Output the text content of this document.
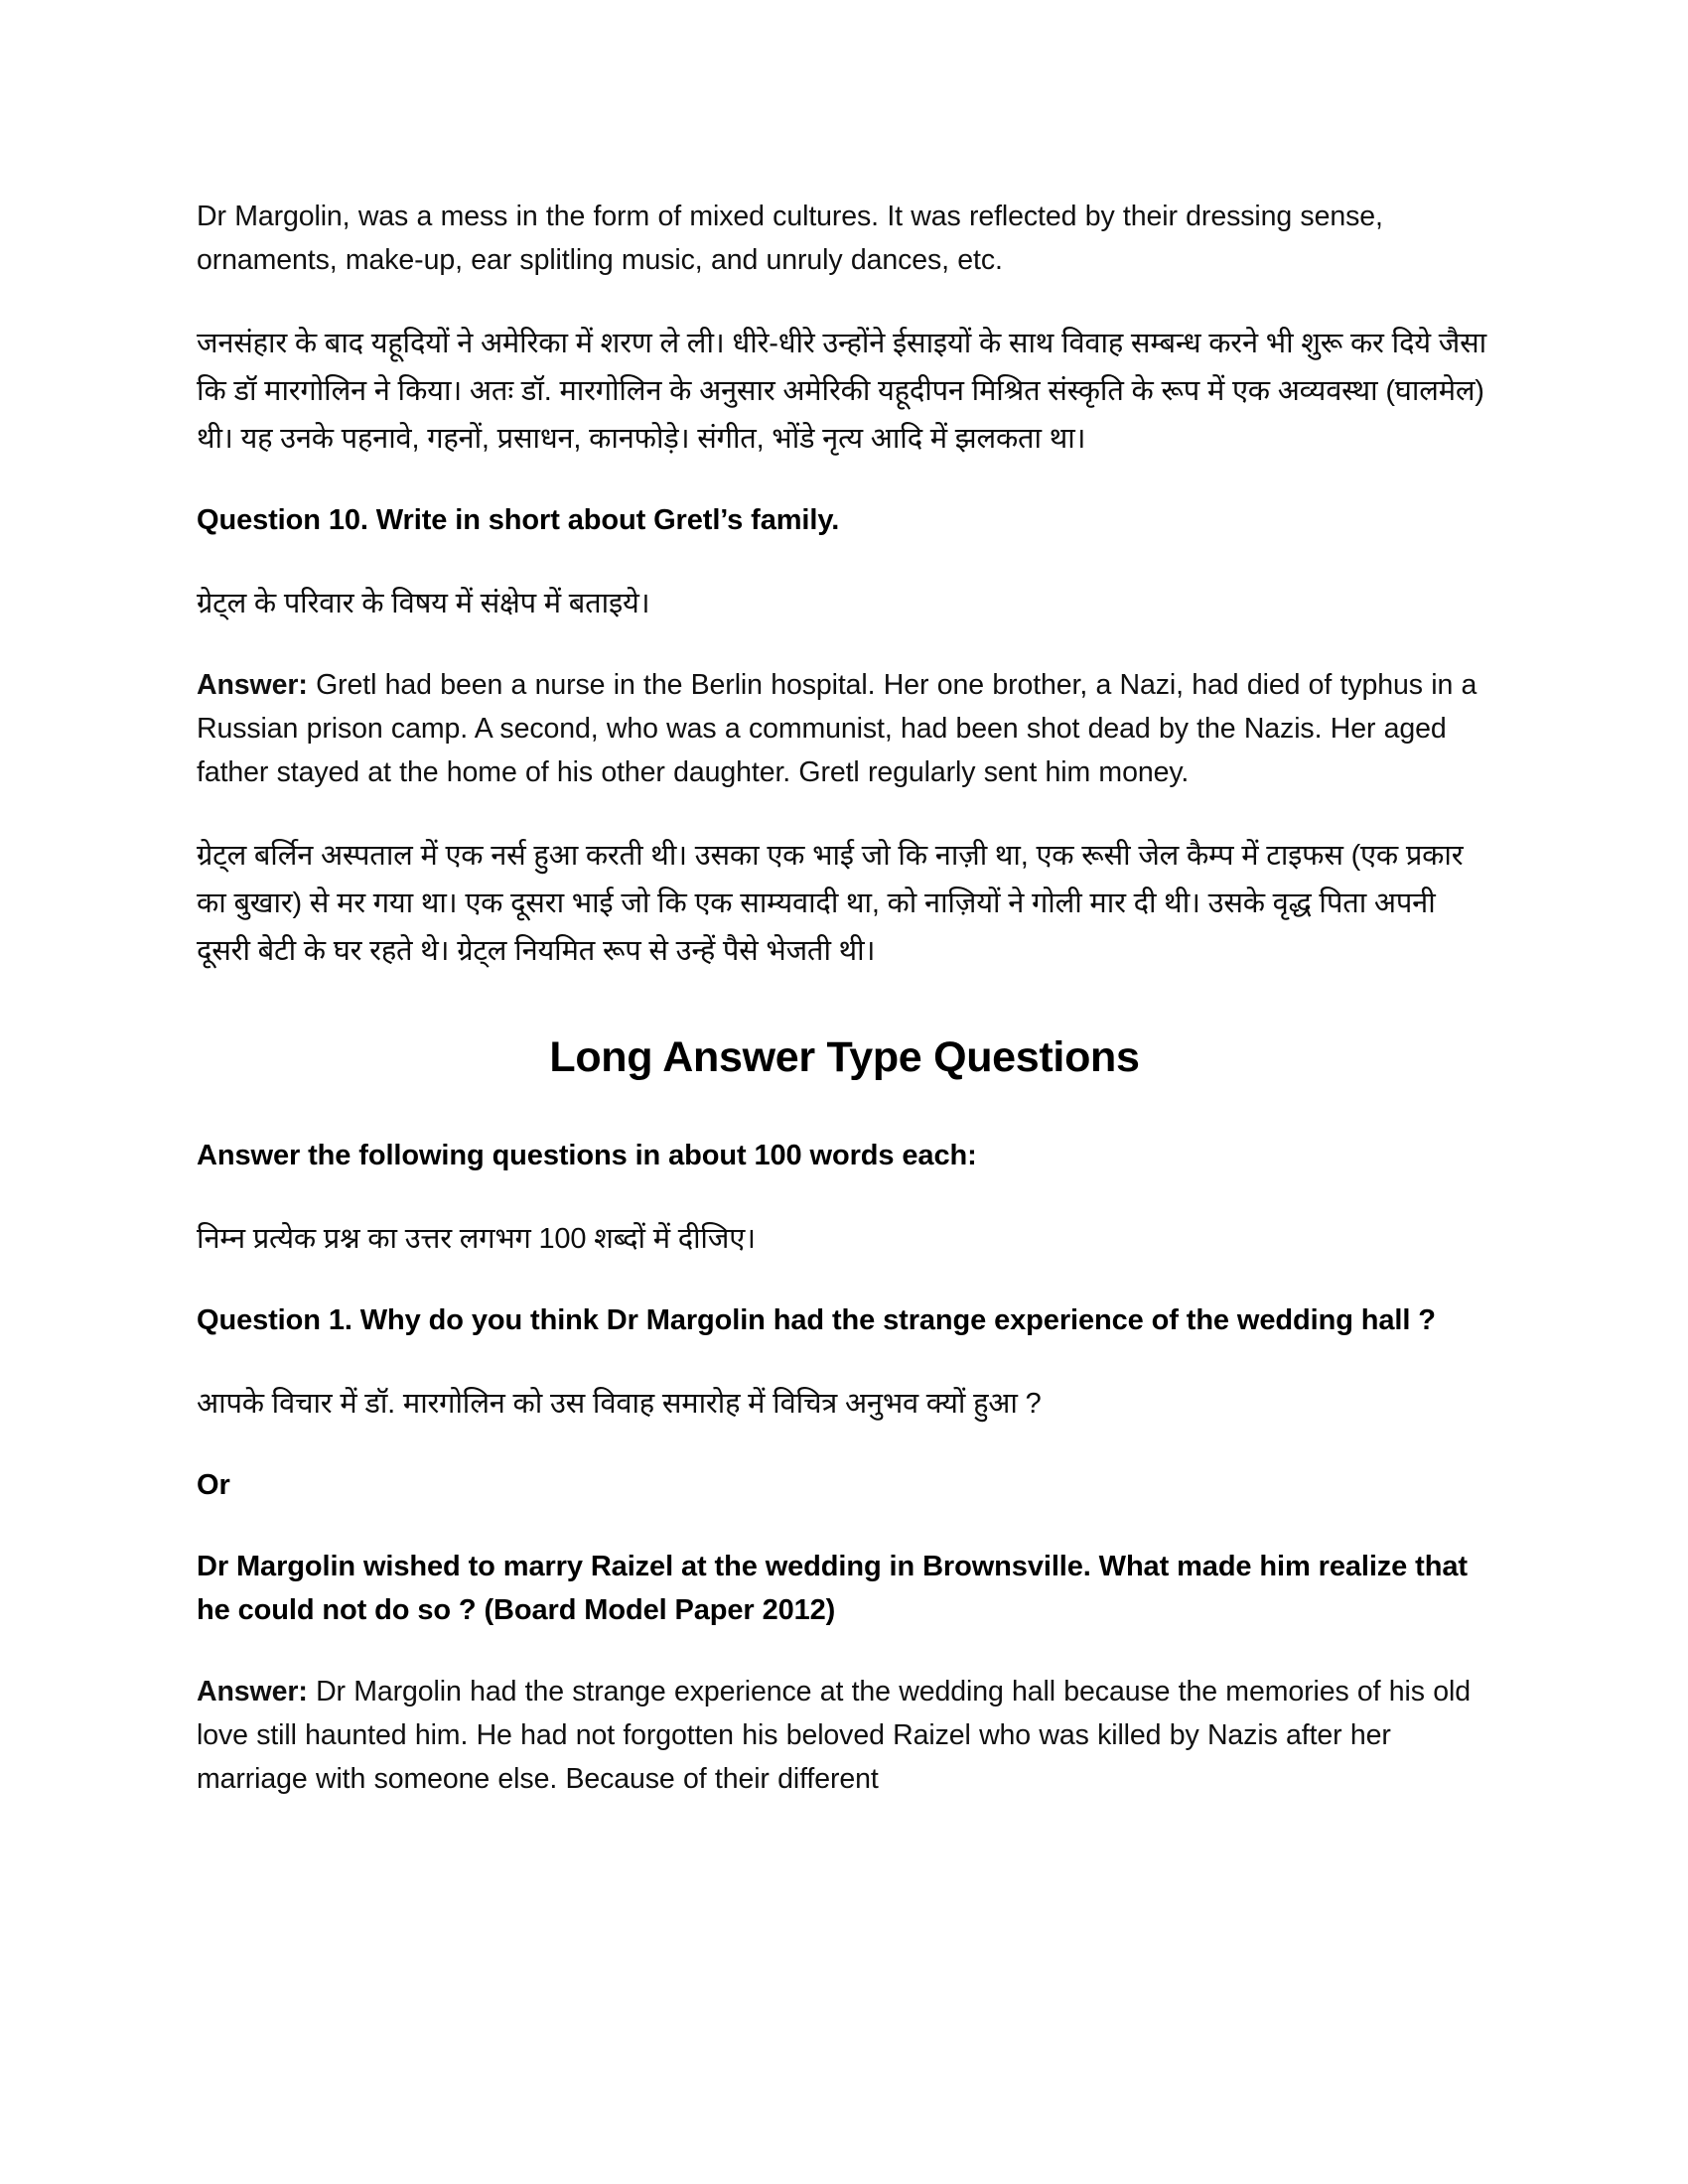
Dr Margolin, was a mess in the form of mixed cultures. It was reflected by their dressing sense, ornaments, make-up, ear splitling music, and unruly dances, etc.

जनसंहार के बाद यहूदियों ने अमेरिका में शरण ले ली। धीरे-धीरे उन्होंने ईसाइयों के साथ विवाह सम्बन्ध करने भी शुरू कर दिये जैसा कि डॉ मारगोलिन ने किया। अतः डॉ. मारगोलिन के अनुसार अमेरिकी यहूदीपन मिश्रित संस्कृति के रूप में एक अव्यवस्था (घालमेल) थी। यह उनके पहनावे, गहनों, प्रसाधन, कानफोड़े। संगीत, भोंडे नृत्य आदि में झलकता था।

Question 10. Write in short about Gretl’s family.

ग्रेट्ल के परिवार के विषय में संक्षेप में बताइये।

Answer: Gretl had been a nurse in the Berlin hospital. Her one brother, a Nazi, had died of typhus in a Russian prison camp. A second, who was a communist, had been shot dead by the Nazis. Her aged father stayed at the home of his other daughter. Gretl regularly sent him money.

ग्रेट्ल बर्लिन अस्पताल में एक नर्स हुआ करती थी। उसका एक भाई जो कि नाज़ी था, एक रूसी जेल कैम्प में टाइफस (एक प्रकार का बुखार) से मर गया था। एक दूसरा भाई जो कि एक साम्यवादी था, को नाज़ियों ने गोली मार दी थी। उसके वृद्ध पिता अपनी दूसरी बेटी के घर रहते थे। ग्रेट्ल नियमित रूप से उन्हें पैसे भेजती थी।

Long Answer Type Questions

Answer the following questions in about 100 words each:

निम्न प्रत्येक प्रश्न का उत्तर लगभग 100 शब्दों में दीजिए।

Question 1. Why do you think Dr Margolin had the strange experience of the wedding hall ?

आपके विचार में डॉ. मारगोलिन को उस विवाह समारोह में विचित्र अनुभव क्यों हुआ ?

Or

Dr Margolin wished to marry Raizel at the wedding in Brownsville. What made him realize that he could not do so ? (Board Model Paper 2012)

Answer: Dr Margolin had the strange experience at the wedding hall because the memories of his old love still haunted him. He had not forgotten his beloved Raizel who was killed by Nazis after her marriage with someone else. Because of their different
